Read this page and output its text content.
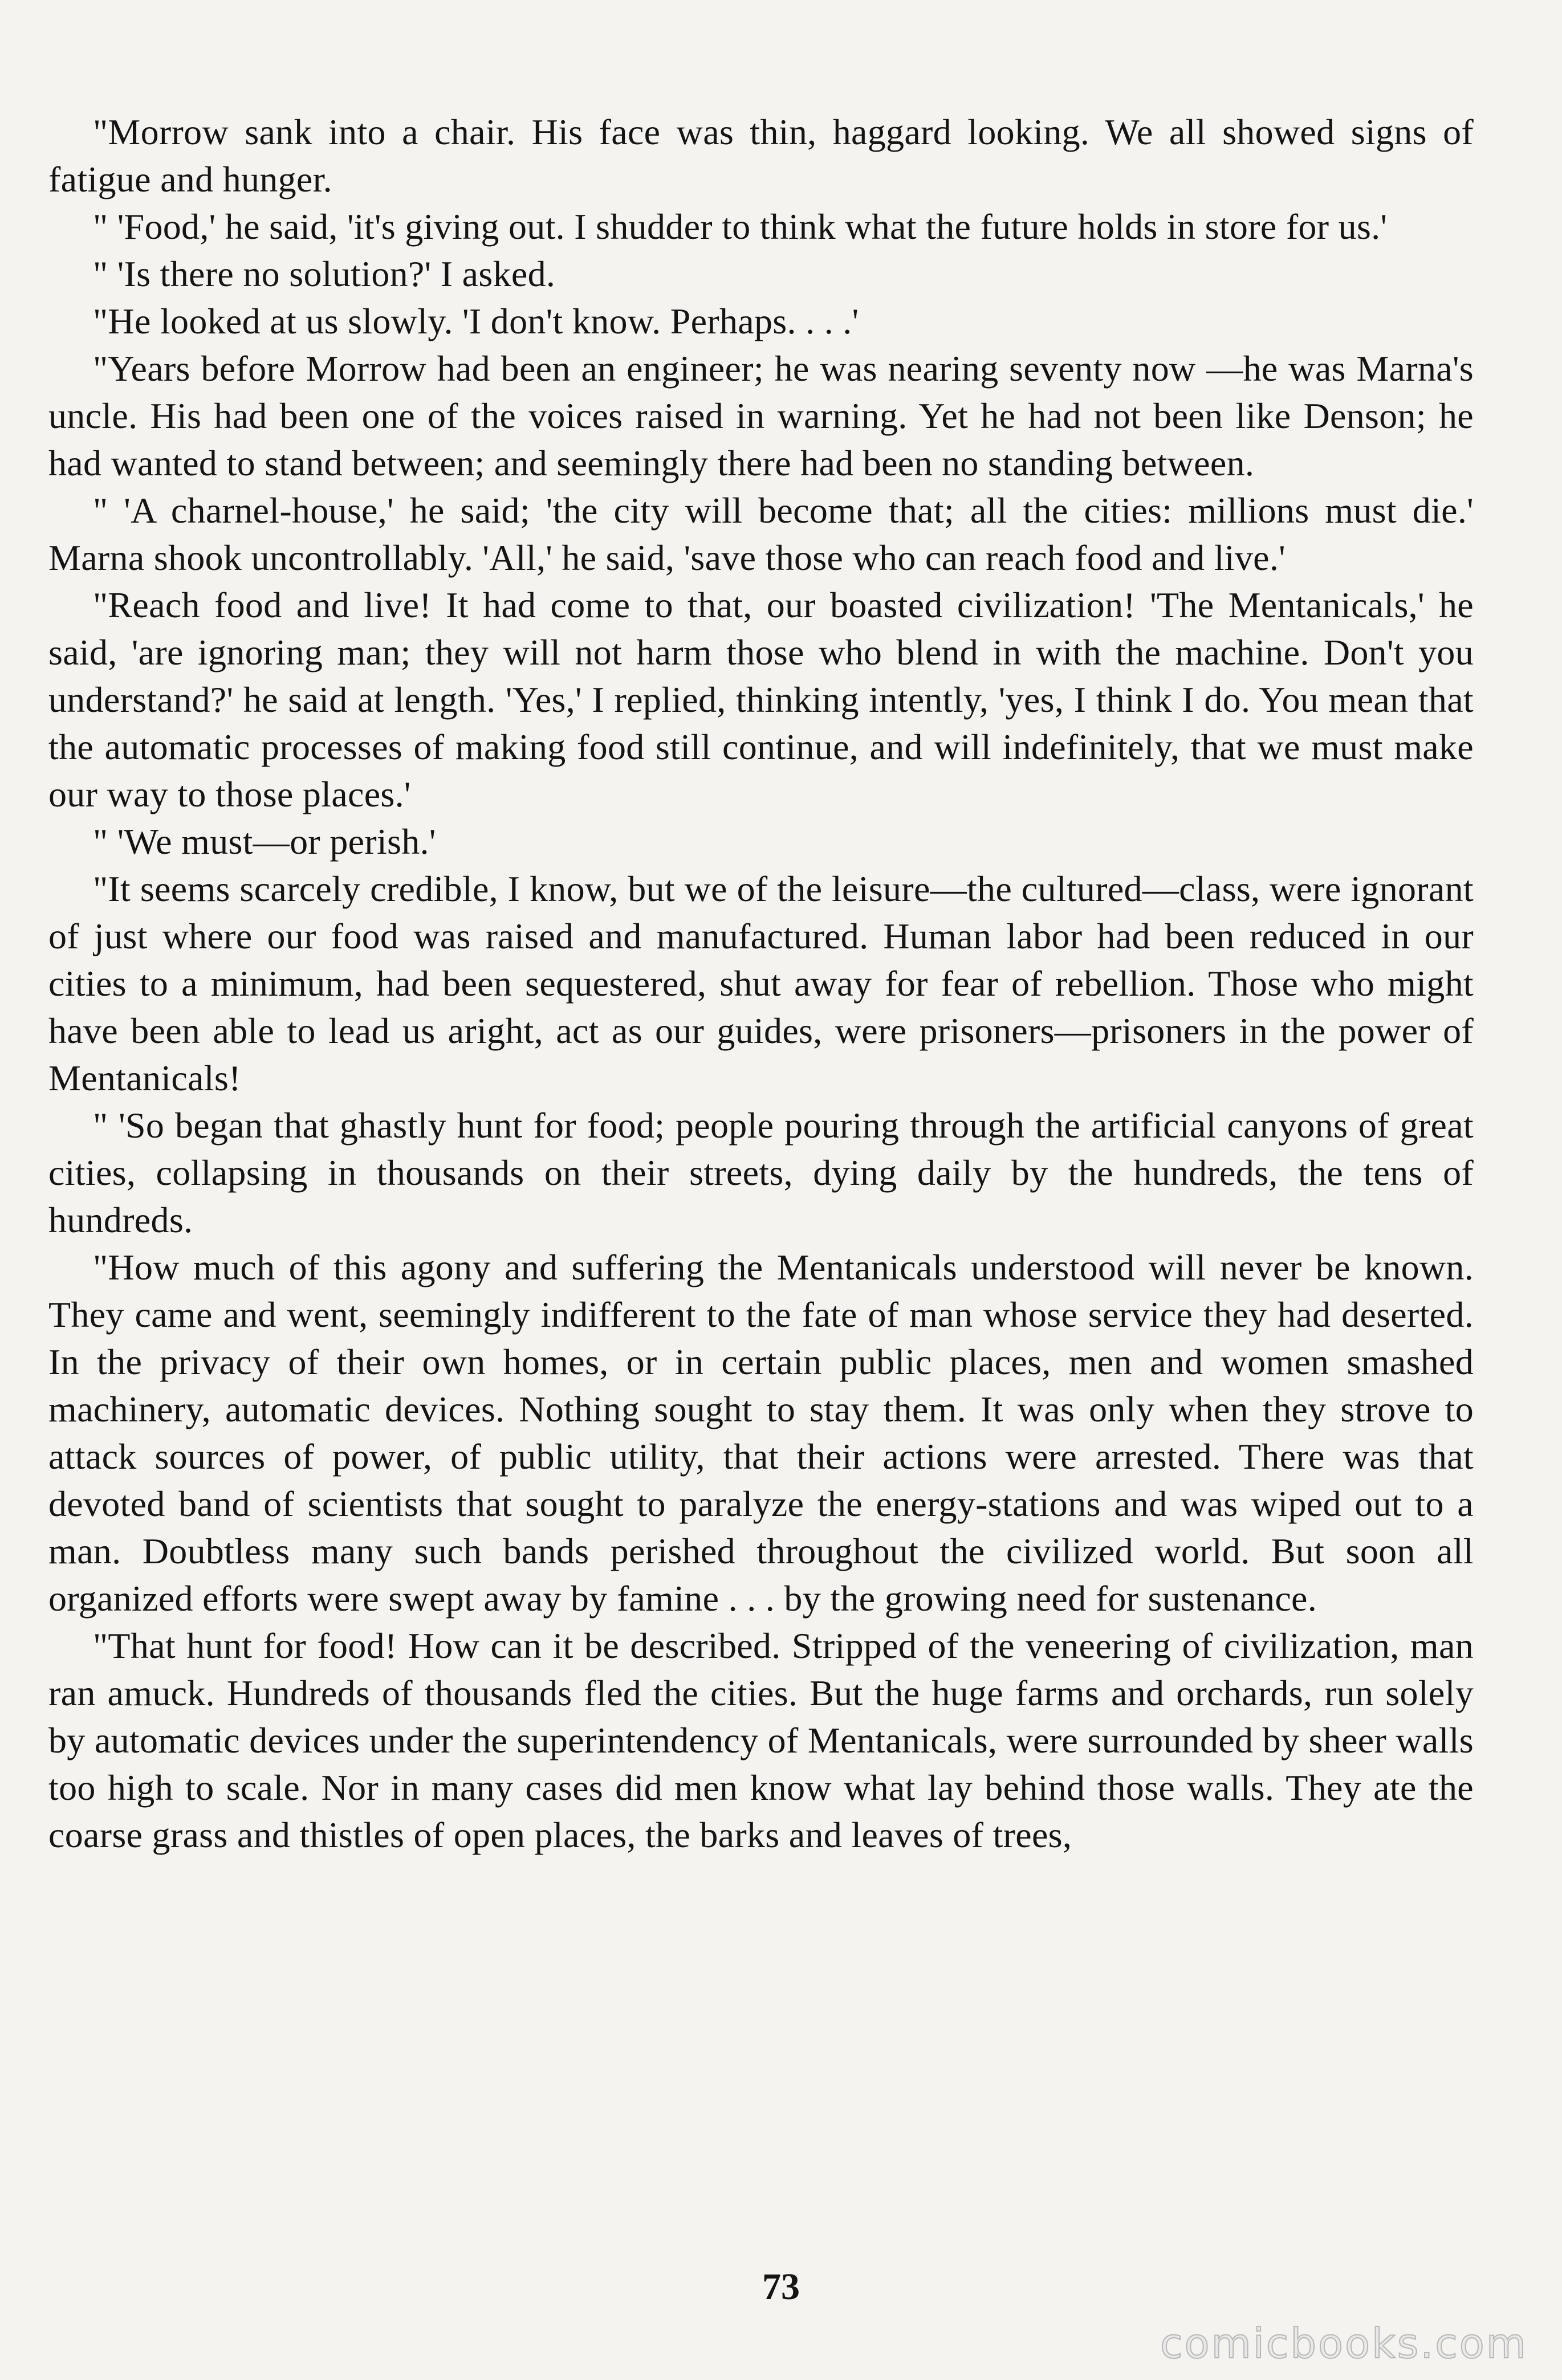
"Morrow sank into a chair. His face was thin, haggard looking. We all showed signs of fatigue and hunger.

" 'Food,' he said, 'it's giving out. I shudder to think what the future holds in store for us.'

" 'Is there no solution?' I asked.

"He looked at us slowly. 'I don't know. Perhaps. . . .'

"Years before Morrow had been an engineer; he was nearing seventy now —he was Marna's uncle. His had been one of the voices raised in warning. Yet he had not been like Denson; he had wanted to stand between; and seemingly there had been no standing between.

" 'A charnel-house,' he said; 'the city will become that; all the cities: millions must die.' Marna shook uncontrollably. 'All,' he said, 'save those who can reach food and live.'

"Reach food and live! It had come to that, our boasted civilization! 'The Mentanicals,' he said, 'are ignoring man; they will not harm those who blend in with the machine. Don't you understand?' he said at length. 'Yes,' I replied, thinking intently, 'yes, I think I do. You mean that the automatic processes of making food still continue, and will indefinitely, that we must make our way to those places.'

" 'We must—or perish.'

"It seems scarcely credible, I know, but we of the leisure—the cultured—class, were ignorant of just where our food was raised and manufactured. Human labor had been reduced in our cities to a minimum, had been sequestered, shut away for fear of rebellion. Those who might have been able to lead us aright, act as our guides, were prisoners—prisoners in the power of Mentanicals!

" 'So began that ghastly hunt for food; people pouring through the artificial canyons of great cities, collapsing in thousands on their streets, dying daily by the hundreds, the tens of hundreds.

"How much of this agony and suffering the Mentanicals understood will never be known. They came and went, seemingly indifferent to the fate of man whose service they had deserted. In the privacy of their own homes, or in certain public places, men and women smashed machinery, automatic devices. Nothing sought to stay them. It was only when they strove to attack sources of power, of public utility, that their actions were arrested. There was that devoted band of scientists that sought to paralyze the energy-stations and was wiped out to a man. Doubtless many such bands perished throughout the civilized world. But soon all organized efforts were swept away by famine . . . by the growing need for sustenance.

"That hunt for food! How can it be described. Stripped of the veneering of civilization, man ran amuck. Hundreds of thousands fled the cities. But the huge farms and orchards, run solely by automatic devices under the superintendency of Mentanicals, were surrounded by sheer walls too high to scale. Nor in many cases did men know what lay behind those walls. They ate the coarse grass and thistles of open places, the barks and leaves of trees,

73

comicbooks.com
